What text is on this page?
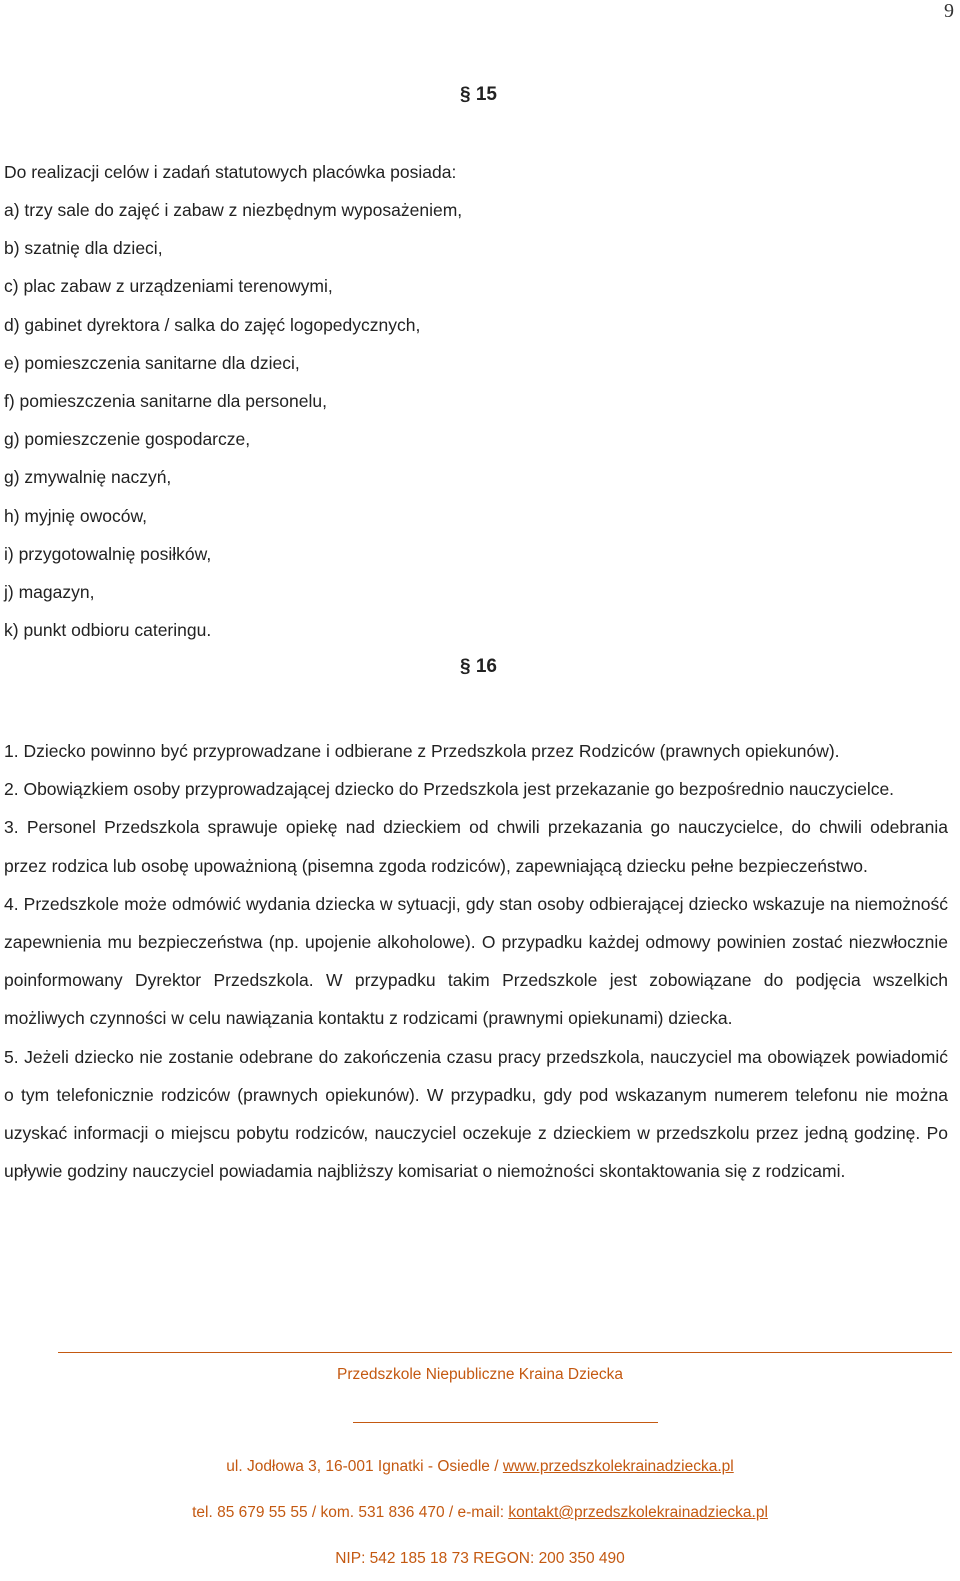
9
§ 15
Do realizacji celów i zadań statutowych placówka posiada:
a) trzy sale do zajęć i zabaw z niezbędnym wyposażeniem,
b) szatnię dla dzieci,
c) plac zabaw z urządzeniami terenowymi,
d) gabinet dyrektora / salka do zajęć logopedycznych,
e) pomieszczenia sanitarne dla dzieci,
f) pomieszczenia sanitarne dla personelu,
g) pomieszczenie gospodarcze,
g) zmywalnię naczyń,
h) myjnię owoców,
i) przygotowalnię posiłków,
j) magazyn,
k) punkt odbioru cateringu.
§ 16

1. Dziecko powinno być przyprowadzane i odbierane z Przedszkola przez Rodziców (prawnych opiekunów).

2. Obowiązkiem osoby przyprowadzającej dziecko do Przedszkola jest przekazanie go bezpośrednio nauczycielce.

3. Personel Przedszkola sprawuje opiekę nad dzieckiem od chwili przekazania go nauczycielce, do chwili odebrania przez rodzica lub osobę upoważnioną (pisemna zgoda rodziców), zapewniającą dziecku pełne bezpieczeństwo.

4. Przedszkole może odmówić wydania dziecka w sytuacji, gdy stan osoby odbierającej dziecko wskazuje na niemożność zapewnienia mu bezpieczeństwa (np. upojenie alkoholowe). O przypadku każdej odmowy powinien zostać niezwłocznie poinformowany Dyrektor Przedszkola. W przypadku takim Przedszkole jest zobowiązane do podjęcia wszelkich możliwych czynności w celu nawiązania kontaktu z rodzicami (prawnymi opiekunami) dziecka.

5. Jeżeli dziecko nie zostanie odebrane do zakończenia czasu pracy przedszkola, nauczyciel ma obowiązek powiadomić o tym telefonicznie rodziców (prawnych opiekunów). W przypadku, gdy pod wskazanym numerem telefonu nie można uzyskać informacji o miejscu pobytu rodziców, nauczyciel oczekuje z dzieckiem w przedszkolu przez jedną godzinę. Po upływie godziny nauczyciel powiadamia najbliższy komisariat o niemożności skontaktowania się z rodzicami.

Przedszkole Niepubliczne Kraina Dziecka
ul. Jodłowa 3, 16-001 Ignatki - Osiedle / www.przedszkolekrainadziecka.pl
tel. 85 679 55 55 / kom. 531 836 470 / e-mail: kontakt@przedszkolekrainadziecka.pl
NIP: 542 185 18 73 REGON: 200 350 490
